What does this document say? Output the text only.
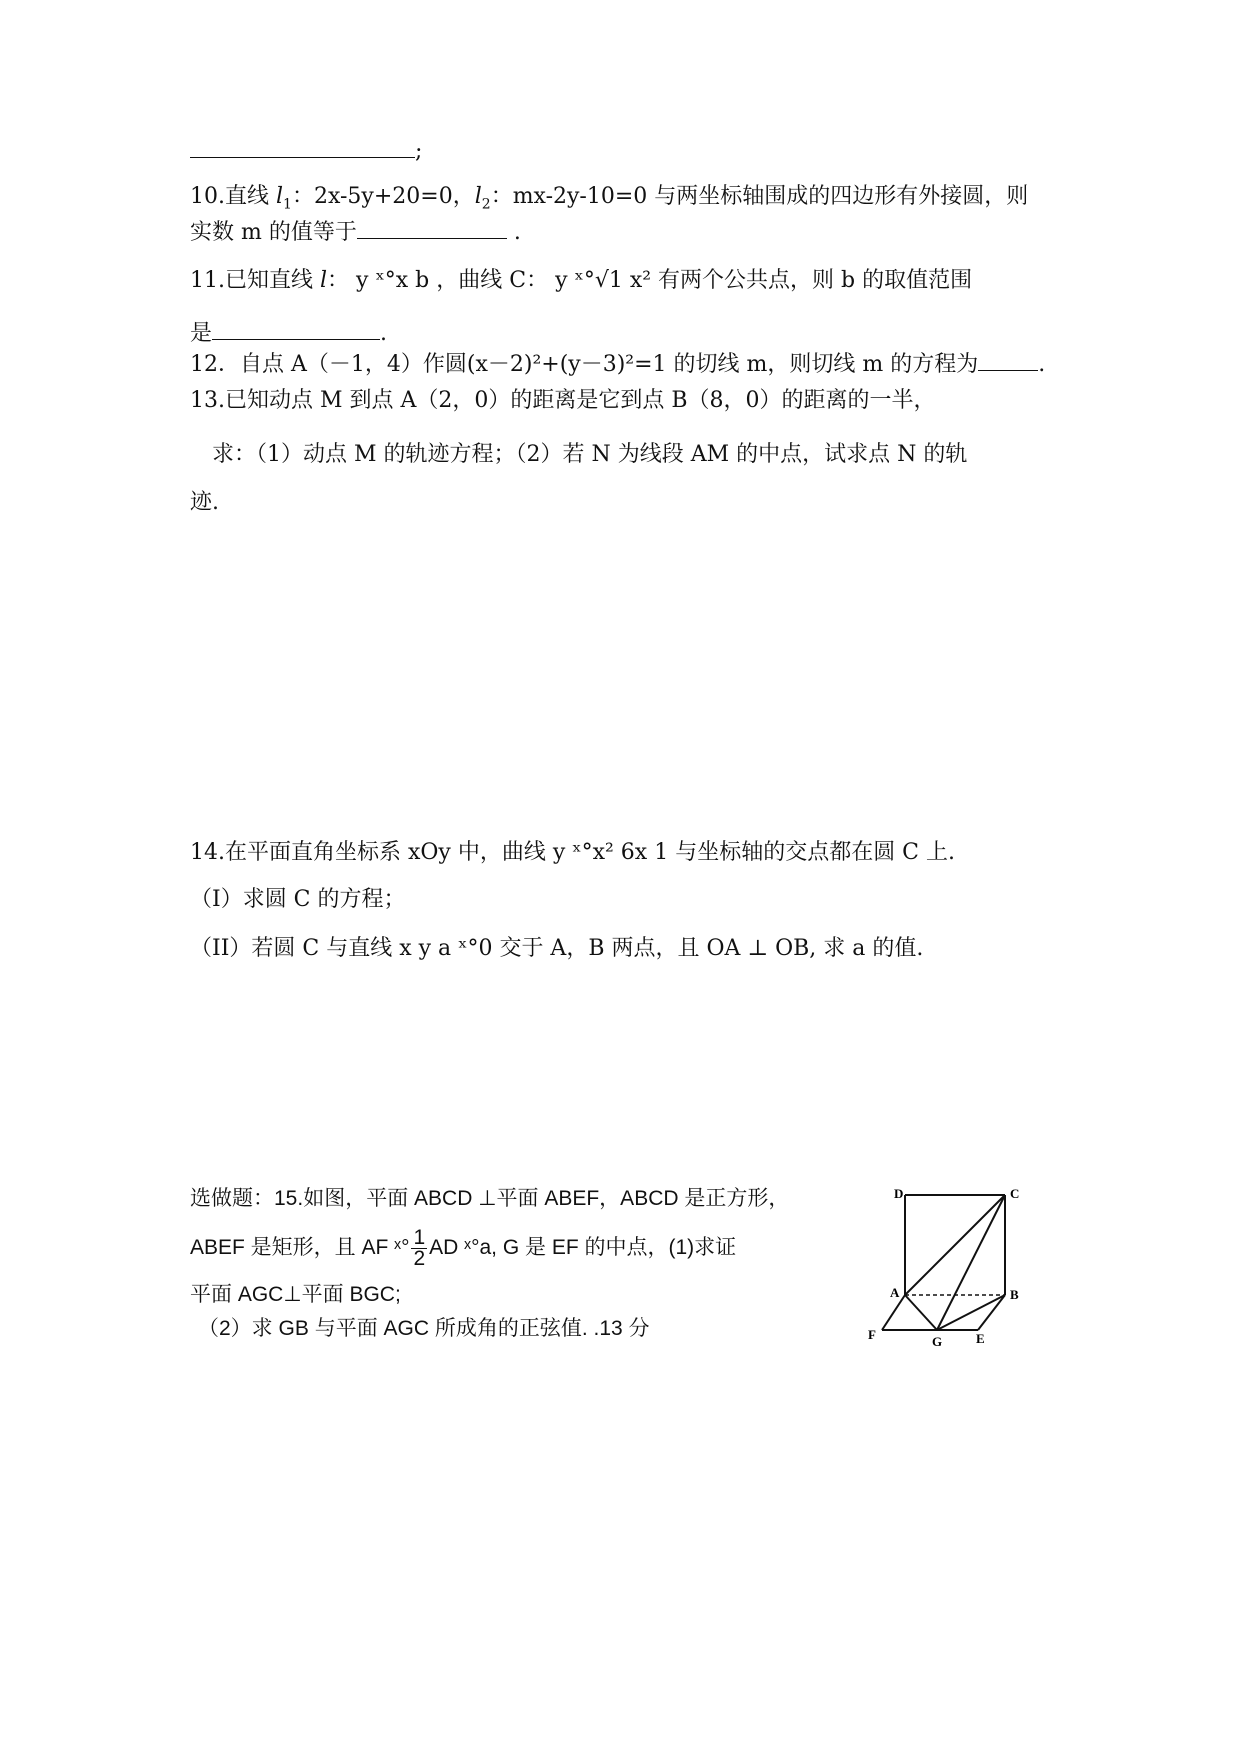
;
10.直线 $l_1$：2x-5y+20=0，$l_2$：mx-2y-10=0 与两坐标轴围成的四边形有外接圆，则
实数 m 的值等于	.
11.已知直线 l： y ˣ°x b ，曲线 C： y ˣ°√1 x² 有两个公共点，则 b 的取值范围
是	.
12．自点 A（－1，4）作圆(x－2)²+(y－3)²=1 的切线 m，则切线 m 的方程为	.
13.已知动点 M 到点 A（2，0）的距离是它到点 B（8，0）的距离的一半，
求：（1）动点 M 的轨迹方程；（2）若 N 为线段 AM 的中点，试求点 N 的轨
迹.
14.在平面直角坐标系 xOy 中，曲线 y ˣ°x² 6x 1 与坐标轴的交点都在圆 C 上.
（I）求圆 C 的方程；
（II）若圆 C 与直线 x y a ˣ°0 交于 A，B 两点，且 OA ⊥ OB, 求 a 的值.
选做题：15.如图，平面 ABCD ⊥平面 ABEF，ABCD 是正方形，
ABEF 是矩形，且 AF ˣ° $\frac{1}{2}$ AD ˣ°a, G 是 EF 的中点，(1)求证
平面 AGC⊥平面 BGC;
（2）求 GB 与平面 AGC 所成角的正弦值. .13 分
D	C
A	B
F	G	E
